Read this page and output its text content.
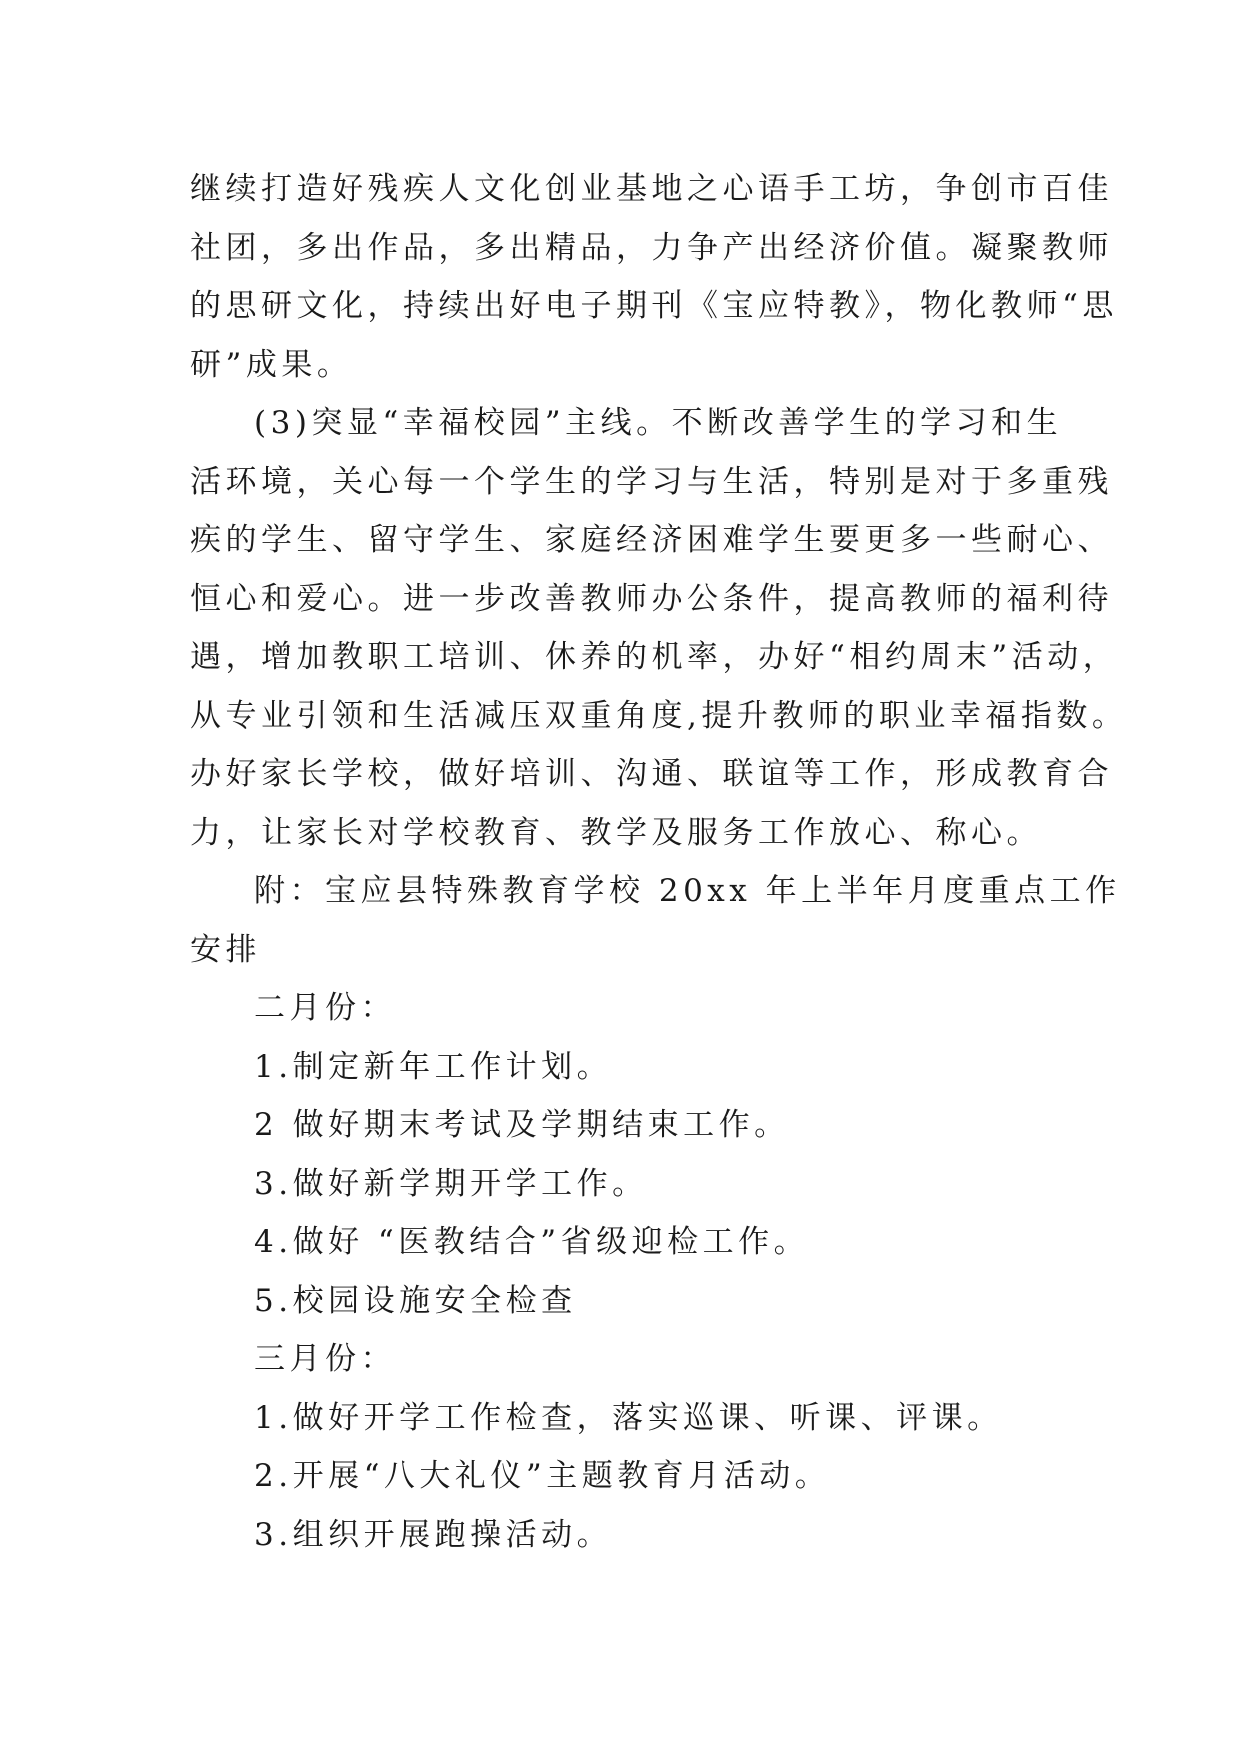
继续打造好残疾人文化创业基地之心语手工坊，争创市百佳
社团，多出作品，多出精品，力争产出经济价值。凝聚教师
的思研文化，持续出好电子期刊《宝应特教》，物化教师“思
研”成果。
(3)突显“幸福校园”主线。不断改善学生的学习和生
活环境，关心每一个学生的学习与生活，特别是对于多重残
疾的学生、留守学生、家庭经济困难学生要更多一些耐心、
恒心和爱心。进一步改善教师办公条件，提高教师的福利待
遇，增加教职工培训、休养的机率，办好“相约周末”活动，
从专业引领和生活减压双重角度,提升教师的职业幸福指数。
办好家长学校，做好培训、沟通、联谊等工作，形成教育合
力，让家长对学校教育、教学及服务工作放心、称心。
附：宝应县特殊教育学校 20xx 年上半年月度重点工作
安排
二月份：
1.制定新年工作计划。
2 做好期末考试及学期结束工作。
3.做好新学期开学工作。
4.做好 “医教结合”省级迎检工作。
5.校园设施安全检查
三月份：
1.做好开学工作检查，落实巡课、听课、评课。
2.开展“八大礼仪”主题教育月活动。
3.组织开展跑操活动。
